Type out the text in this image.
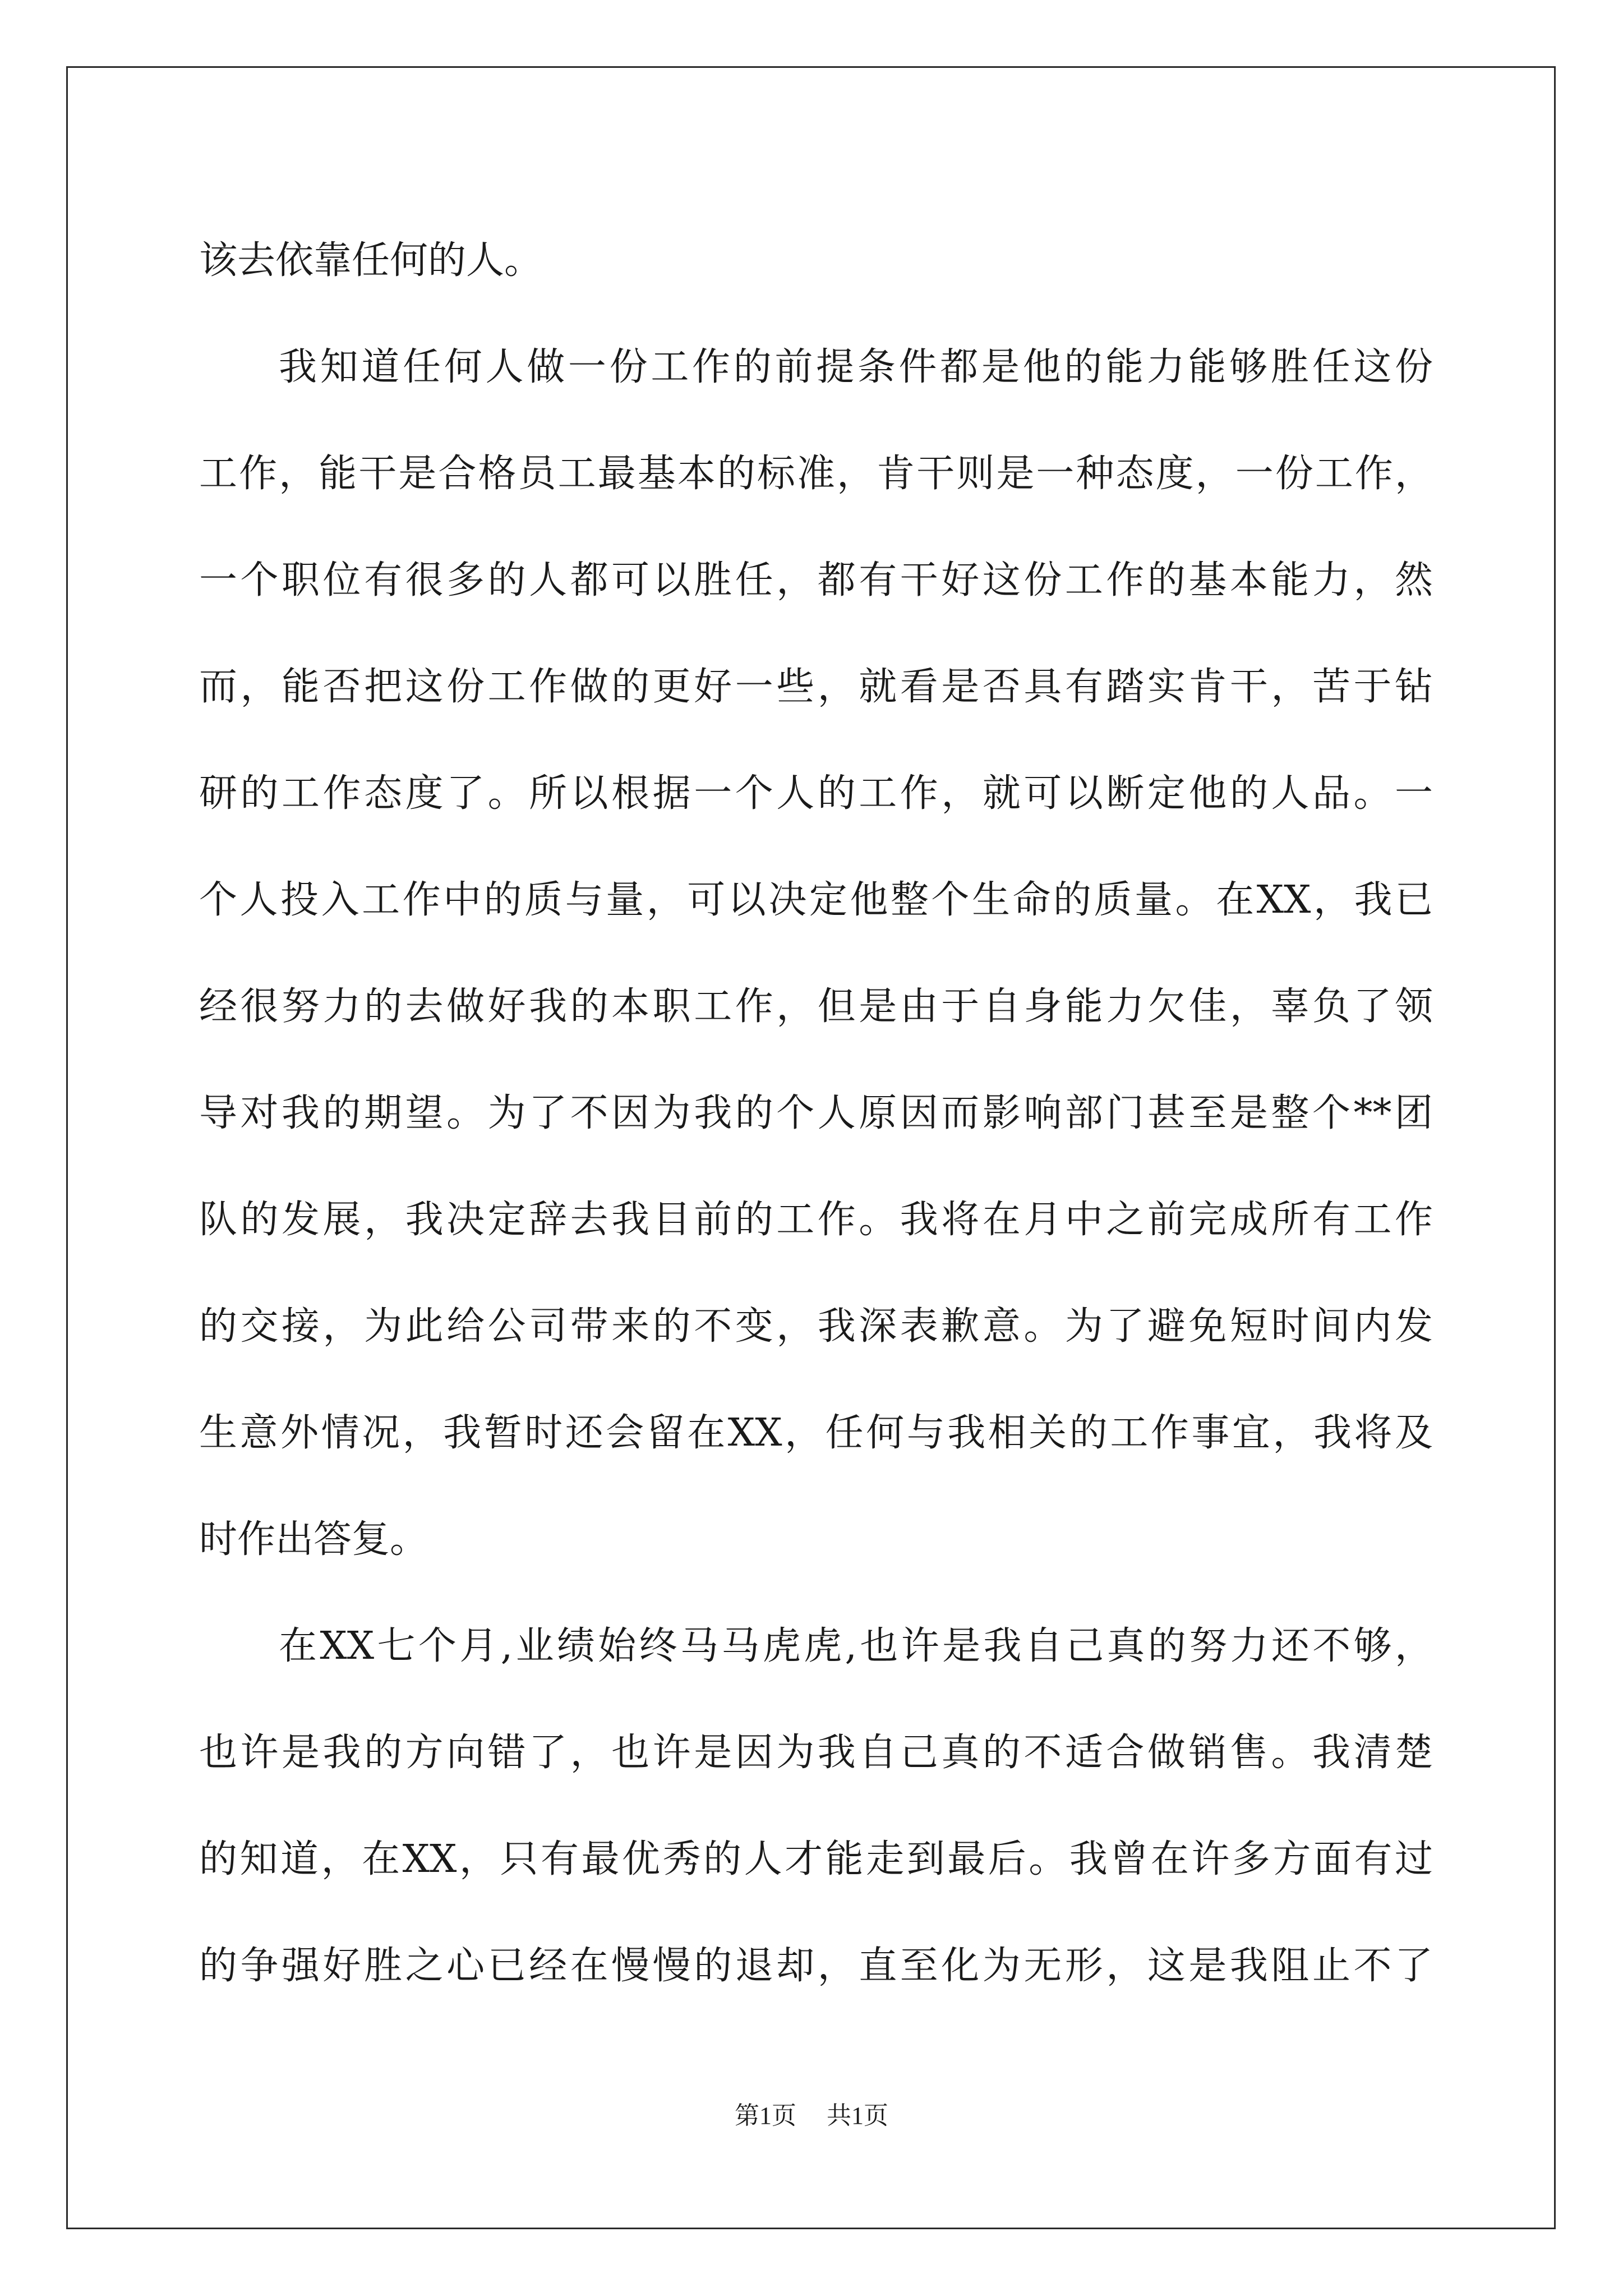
该去依靠任何的人。
我知道任何人做一份工作的前提条件都是他的能力能够胜任这份
工作，能干是合格员工最基本的标准，肯干则是一种态度，一份工作，
一个职位有很多的人都可以胜任，都有干好这份工作的基本能力，然
而，能否把这份工作做的更好一些，就看是否具有踏实肯干，苦于钻
研的工作态度了。所以根据一个人的工作，就可以断定他的人品。一
个人投入工作中的质与量，可以决定他整个生命的质量。在XX，我已
经很努力的去做好我的本职工作，但是由于自身能力欠佳，辜负了领
导对我的期望。为了不因为我的个人原因而影响部门甚至是整个**团
队的发展，我决定辞去我目前的工作。我将在月中之前完成所有工作
的交接，为此给公司带来的不变，我深表歉意。为了避免短时间内发
生意外情况，我暂时还会留在XX，任何与我相关的工作事宜，我将及
时作出答复。
在XX七个月,业绩始终马马虎虎,也许是我自己真的努力还不够，
也许是我的方向错了，也许是因为我自己真的不适合做销售。我清楚
的知道，在XX，只有最优秀的人才能走到最后。我曾在许多方面有过
的争强好胜之心已经在慢慢的退却，直至化为无形，这是我阻止不了
第1页 共1页
